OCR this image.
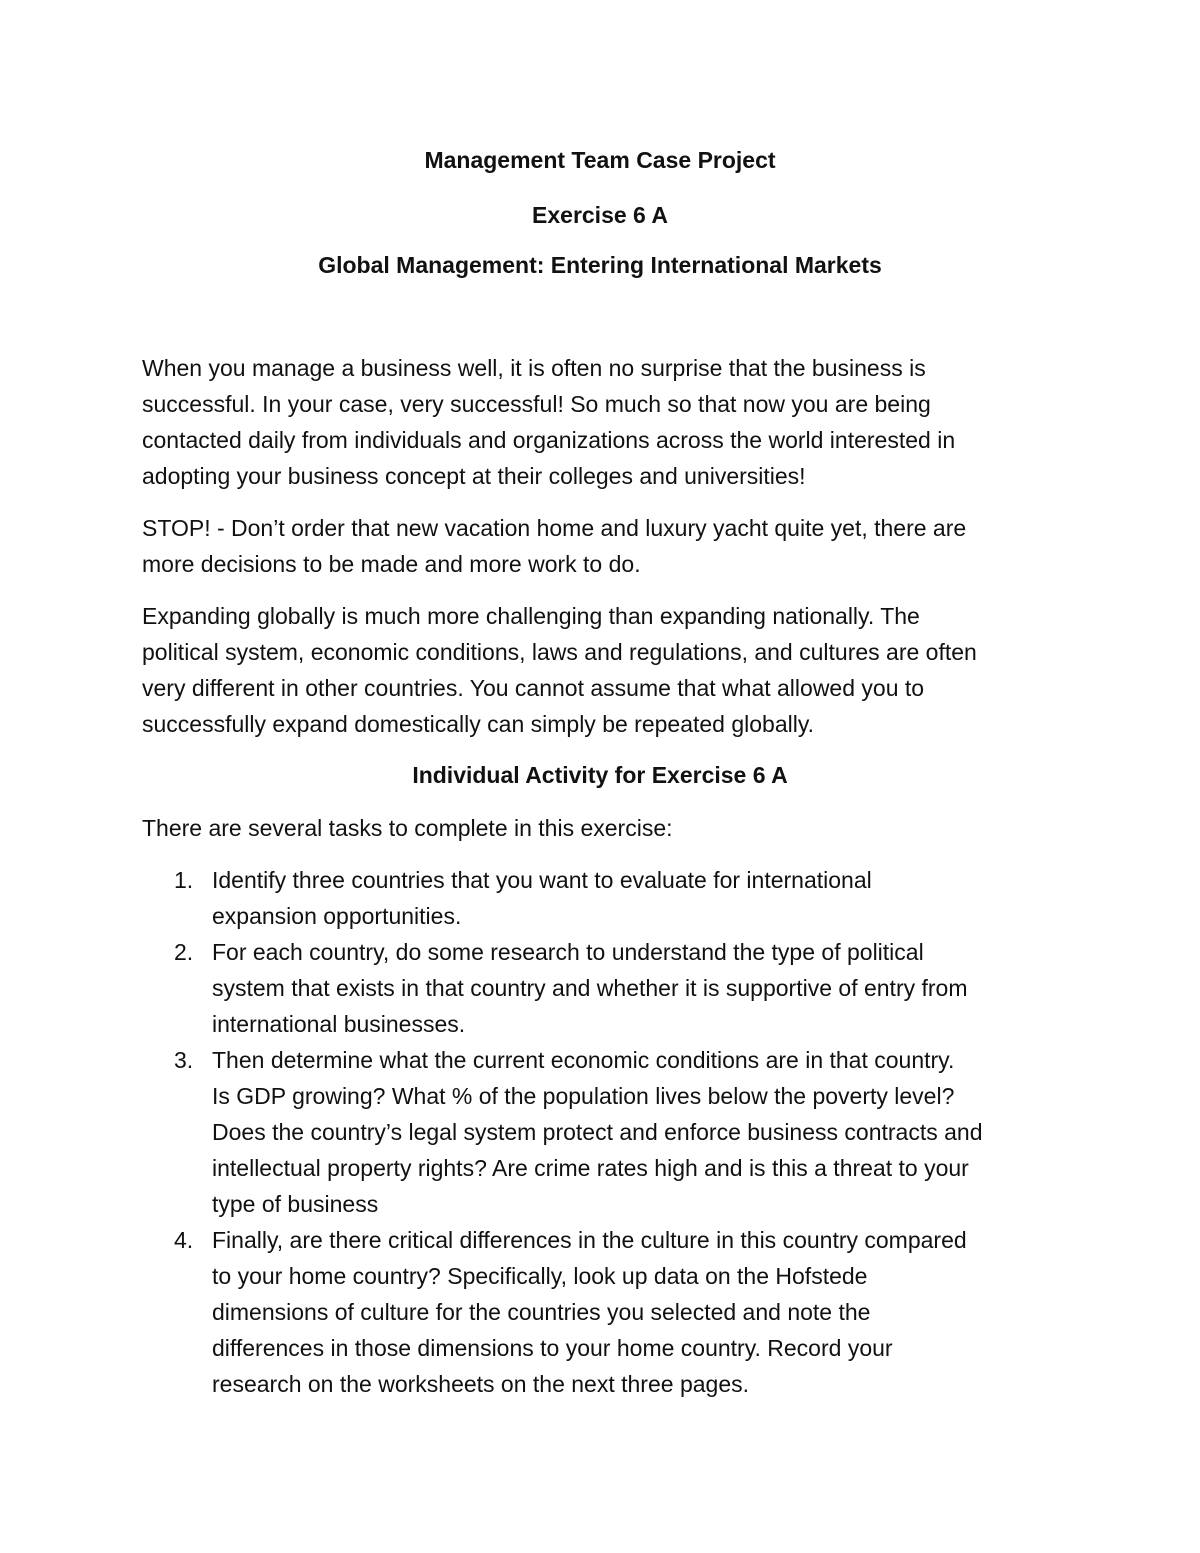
Management Team Case Project
Exercise 6 A
Global Management: Entering International Markets
When you manage a business well, it is often no surprise that the business is
successful. In your case, very successful! So much so that now you are being
contacted daily from individuals and organizations across the world interested in
adopting your business concept at their colleges and universities!
STOP! - Don’t order that new vacation home and luxury yacht quite yet, there are
more decisions to be made and more work to do.
Expanding globally is much more challenging than expanding nationally. The
political system, economic conditions, laws and regulations, and cultures are often
very different in other countries. You cannot assume that what allowed you to
successfully expand domestically can simply be repeated globally.
Individual Activity for Exercise 6 A
There are several tasks to complete in this exercise:
1. Identify three countries that you want to evaluate for international
expansion opportunities.
2. For each country, do some research to understand the type of political
system that exists in that country and whether it is supportive of entry from
international businesses.
3. Then determine what the current economic conditions are in that country.
Is GDP growing? What % of the population lives below the poverty level?
Does the country’s legal system protect and enforce business contracts and
intellectual property rights? Are crime rates high and is this a threat to your
type of business
4. Finally, are there critical differences in the culture in this country compared
to your home country? Specifically, look up data on the Hofstede
dimensions of culture for the countries you selected and note the
differences in those dimensions to your home country. Record your
research on the worksheets on the next three pages.
